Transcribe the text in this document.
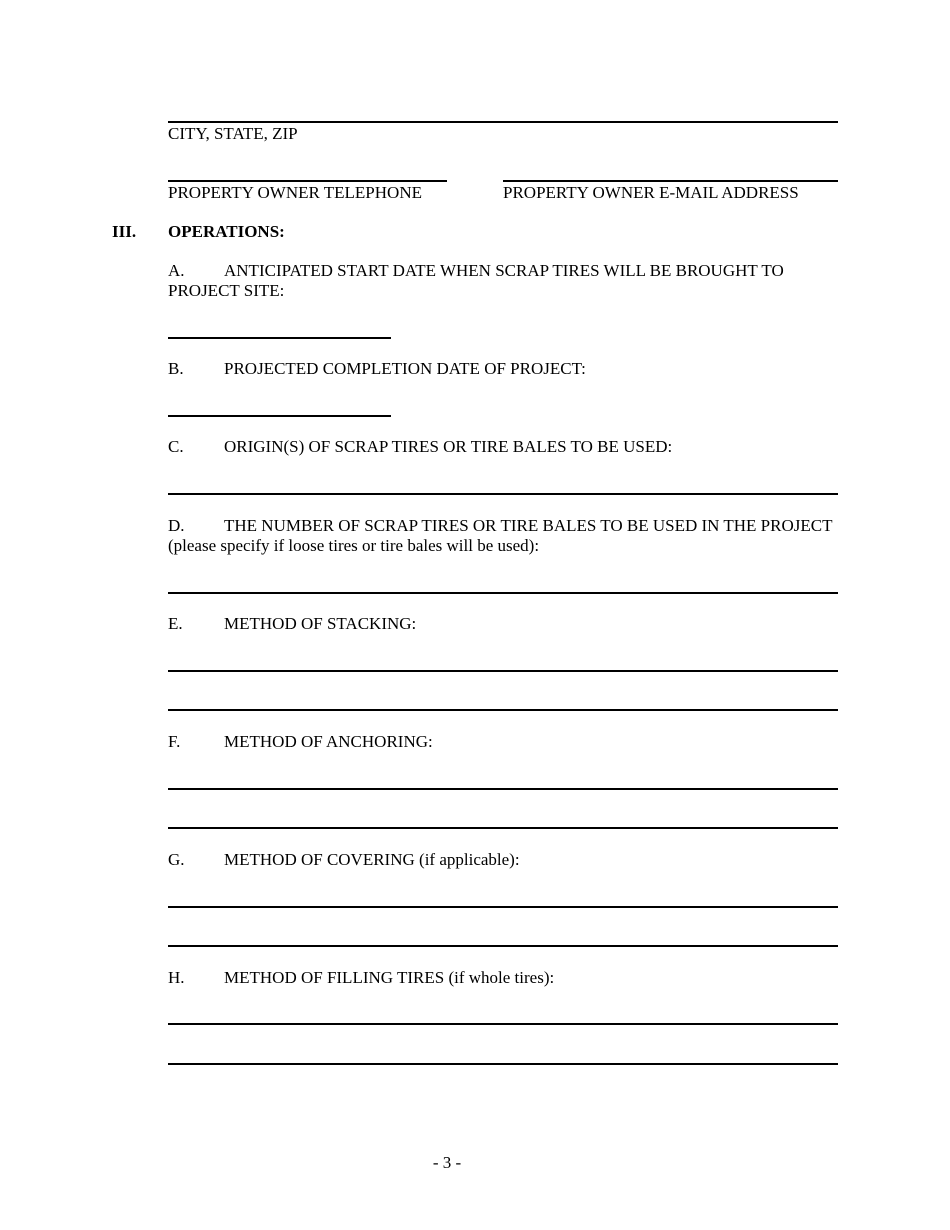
CITY, STATE, ZIP
PROPERTY OWNER TELEPHONE	PROPERTY OWNER E-MAIL ADDRESS
III. OPERATIONS:
A. ANTICIPATED START DATE WHEN SCRAP TIRES WILL BE BROUGHT TO
PROJECT SITE:
B. PROJECTED COMPLETION DATE OF PROJECT:
C. ORIGIN(S) OF SCRAP TIRES OR TIRE BALES TO BE USED:
D. THE NUMBER OF SCRAP TIRES OR TIRE BALES TO BE USED IN THE PROJECT
(please specify if loose tires or tire bales will be used):
E. METHOD OF STACKING:
F.	METHOD OF ANCHORING:
G. METHOD OF COVERING (if applicable):
H. METHOD OF FILLING TIRES (if whole tires):
- 3 -
